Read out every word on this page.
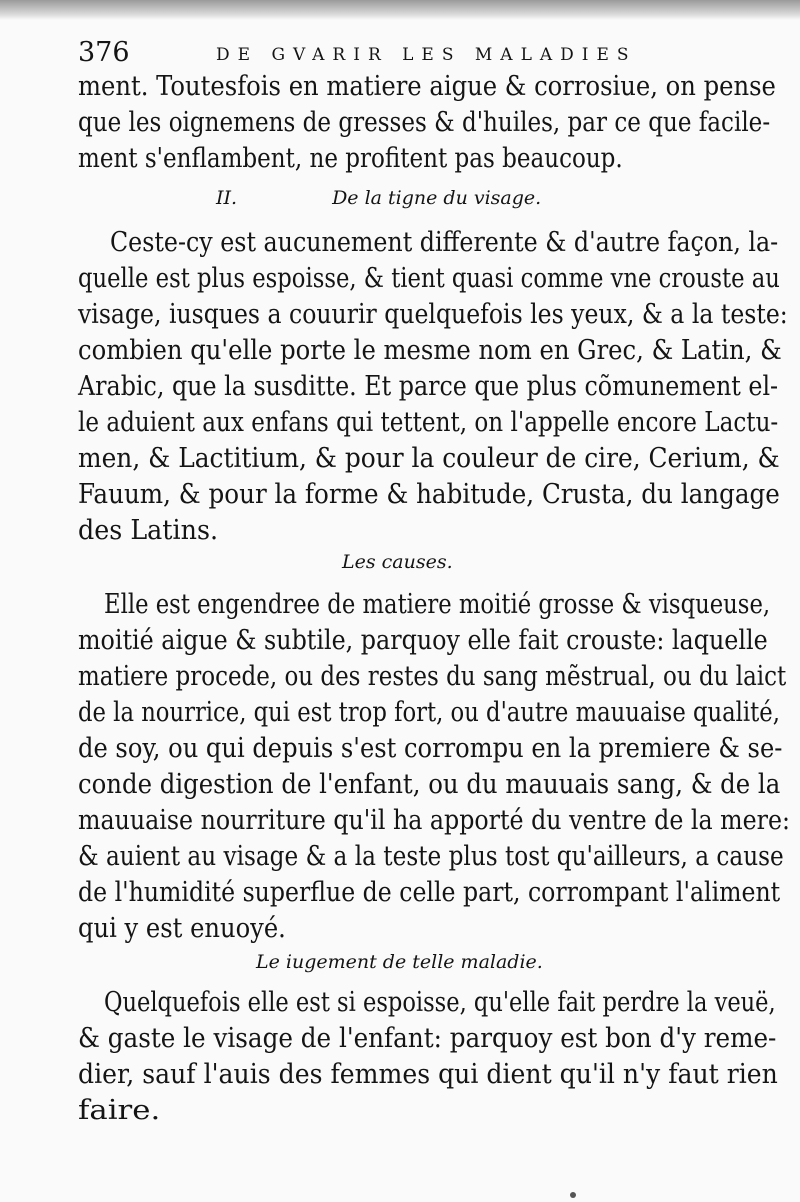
376	DE GVARIR LES MALADIES
ment. Toutesfois en matiere aigue & corrosiue, on pense
que les oignemens de gresses & d'huiles, par ce que facile-
ment s'enflambent, ne profitent pas beaucoup.
II.	De la tigne du visage.
Ceste-cy est aucunement differente & d'autre façon, la-
quelle est plus espoisse, & tient quasi comme vne crouste au
visage, iusques a couurir quelquefois les yeux, & a la teste:
combien qu'elle porte le mesme nom en Grec, & Latin, &
Arabic, que la susditte. Et parce que plus cõmunement el-
le aduient aux enfans qui tettent, on l'appelle encore Lactu-
men, & Lactitium, & pour la couleur de cire, Cerium, &
Fauum, & pour la forme & habitude, Crusta, du langage
des Latins.
Les causes.
Elle est engendree de matiere moitié grosse & visqueuse,
moitié aigue & subtile, parquoy elle fait crouste: laquelle
matiere procede, ou des restes du sang mẽstrual, ou du laict
de la nourrice, qui est trop fort, ou d'autre mauuaise qualité,
de soy, ou qui depuis s'est corrompu en la premiere & se-
conde digestion de l'enfant, ou du mauuais sang, & de la
mauuaise nourriture qu'il ha apporté du ventre de la mere:
& auient au visage & a la teste plus tost qu'ailleurs, a cause
de l'humidité superflue de celle part, corrompant l'aliment
qui y est enuoyé.
Le iugement de telle maladie.
Quelquefois elle est si espoisse, qu'elle fait perdre la veuë,
& gaste le visage de l'enfant: parquoy est bon d'y reme-
dier, sauf l'auis des femmes qui dient qu'il n'y faut rien
faire.
